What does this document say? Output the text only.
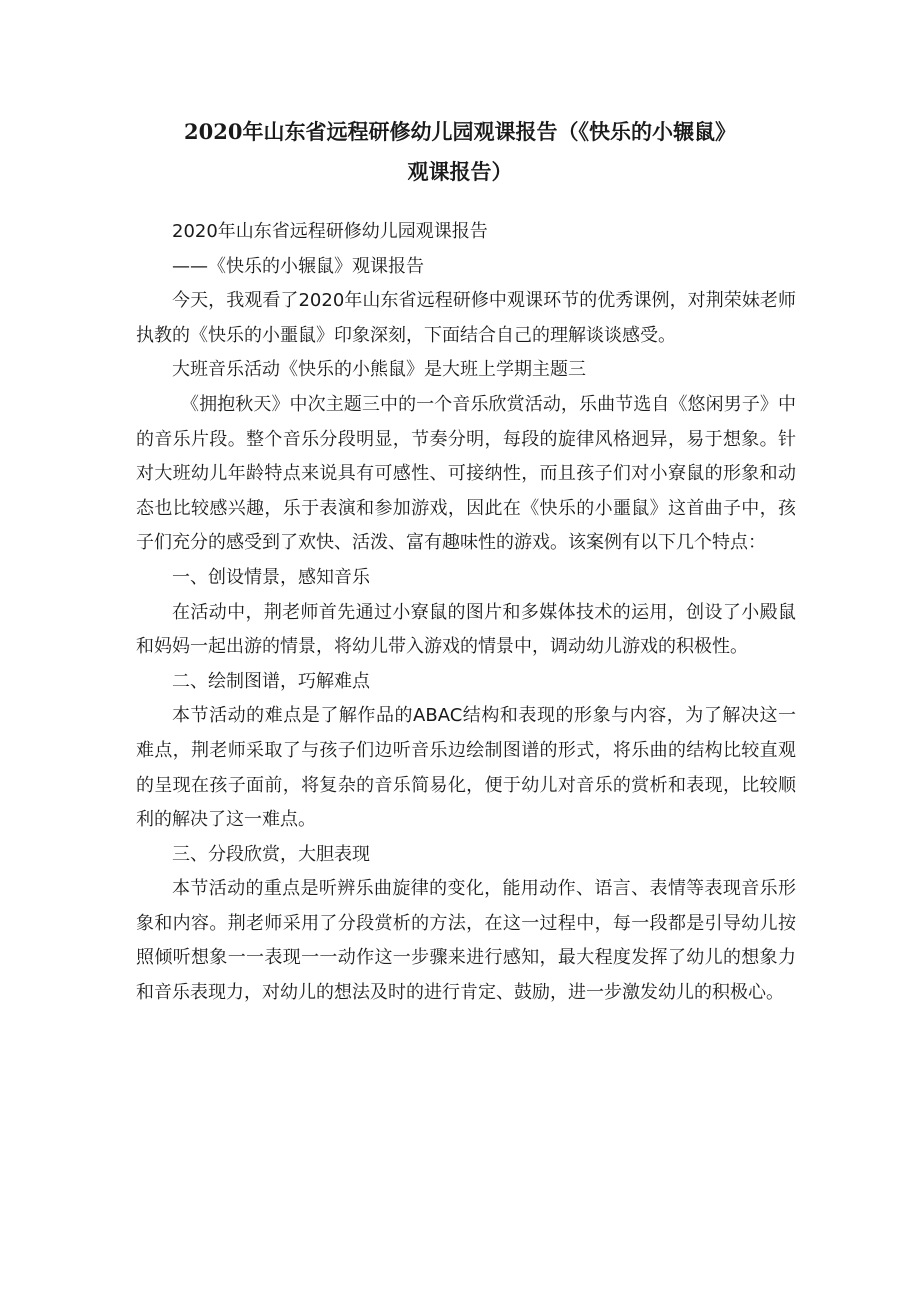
2020年山东省远程研修幼儿园观课报告（《快乐的小辗鼠》
观课报告）

2020年山东省远程研修幼儿园观课报告

——《快乐的小辗鼠》观课报告

今天，我观看了2020年山东省远程研修中观课环节的优秀课例，对荆荣妹老师执教的《快乐的小噩鼠》印象深刻，下面结合自己的理解谈谈感受。

大班音乐活动《快乐的小熊鼠》是大班上学期主题三

《拥抱秋天》中次主题三中的一个音乐欣赏活动，乐曲节选自《悠闲男子》中的音乐片段。整个音乐分段明显，节奏分明，每段的旋律风格迥异，易于想象。针对大班幼儿年龄特点来说具有可感性、可接纳性，而且孩子们对小寮鼠的形象和动态也比较感兴趣，乐于表演和参加游戏，因此在《快乐的小噩鼠》这首曲子中，孩子们充分的感受到了欢快、活泼、富有趣味性的游戏。该案例有以下几个特点：

一、创设情景，感知音乐

在活动中，荆老师首先通过小寮鼠的图片和多媒体技术的运用，创设了小殿鼠和妈妈一起出游的情景，将幼儿带入游戏的情景中，调动幼儿游戏的积极性。

二、绘制图谱，巧解难点

本节活动的难点是了解作品的ABAC结构和表现的形象与内容，为了解决这一难点，荆老师采取了与孩子们边听音乐边绘制图谱的形式，将乐曲的结构比较直观的呈现在孩子面前，将复杂的音乐简易化，便于幼儿对音乐的赏析和表现，比较顺利的解决了这一难点。

三、分段欣赏，大胆表现

本节活动的重点是听辨乐曲旋律的变化，能用动作、语言、表情等表现音乐形象和内容。荆老师采用了分段赏析的方法，在这一过程中，每一段都是引导幼儿按照倾听想象一一表现一一动作这一步骤来进行感知，最大程度发挥了幼儿的想象力和音乐表现力，对幼儿的想法及时的进行肯定、鼓励，进一步激发幼儿的积极心。
